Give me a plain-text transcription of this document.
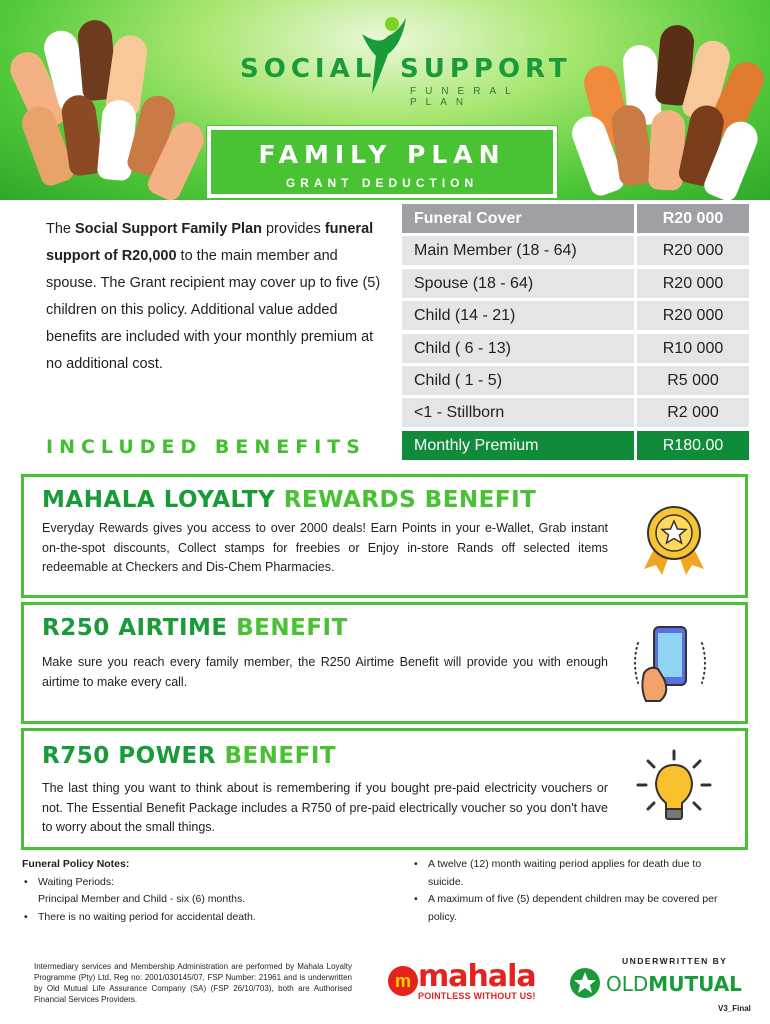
SOCIAL SUPPORT
FUNERAL PLAN
FAMILY PLAN
GRANT DEDUCTION

The Social Support Family Plan provides funeral support of R20,000 to the main member and spouse. The Grant recipient may cover up to five (5) children on this policy. Additional value added benefits are included with your monthly premium at no additional cost.

INCLUDED BENEFITS
Funeral Cover	R20 000
Main Member (18 - 64)	R20 000
Spouse (18 - 64)	R20 000
Child (14 - 21)	R20 000
Child ( 6 - 13)	R10 000
Child ( 1 - 5)	R5 000
<1 - Stillborn	R2 000
Monthly Premium	R180.00
MAHALA LOYALTY REWARDS BENEFIT

Everyday Rewards gives you access to over 2000 deals! Earn Points in your e-Wallet, Grab instant on-the-spot discounts, Collect stamps for freebies or Enjoy in-store Rands off selected items redeemable at Checkers and Dis-Chem Pharmacies.

R250 AIRTIME BENEFIT

Make sure you reach every family member, the R250 Airtime Benefit will provide you with enough airtime to make every call.

R750 POWER BENEFIT

The last thing you want to think about is remembering if you bought pre-paid electricity vouchers or not. The Essential Benefit Package includes a R750 of pre-paid electrically voucher so you don't have to worry about the small things.

Funeral Policy Notes:
• Waiting Periods:
Principal Member and Child - six (6) months.
• There is no waiting period for accidental death.
• A twelve (12) month waiting period applies for death due to suicide.
• A maximum of five (5) dependent children may be covered per policy.

Intermediary services and Membership Administration are performed by Mahala Loyalty Programme (Pty) Ltd, Reg no: 2001/030145/07, FSP Number: 21961 and is underwritten by Old Mutual Life Assurance Company (SA) (FSP 26/10/703), both are Authorised Financial Services Providers.

m mahala
POINTLESS WITHOUT US!
UNDERWRITTEN BY
OLDMUTUAL
V3_Final
